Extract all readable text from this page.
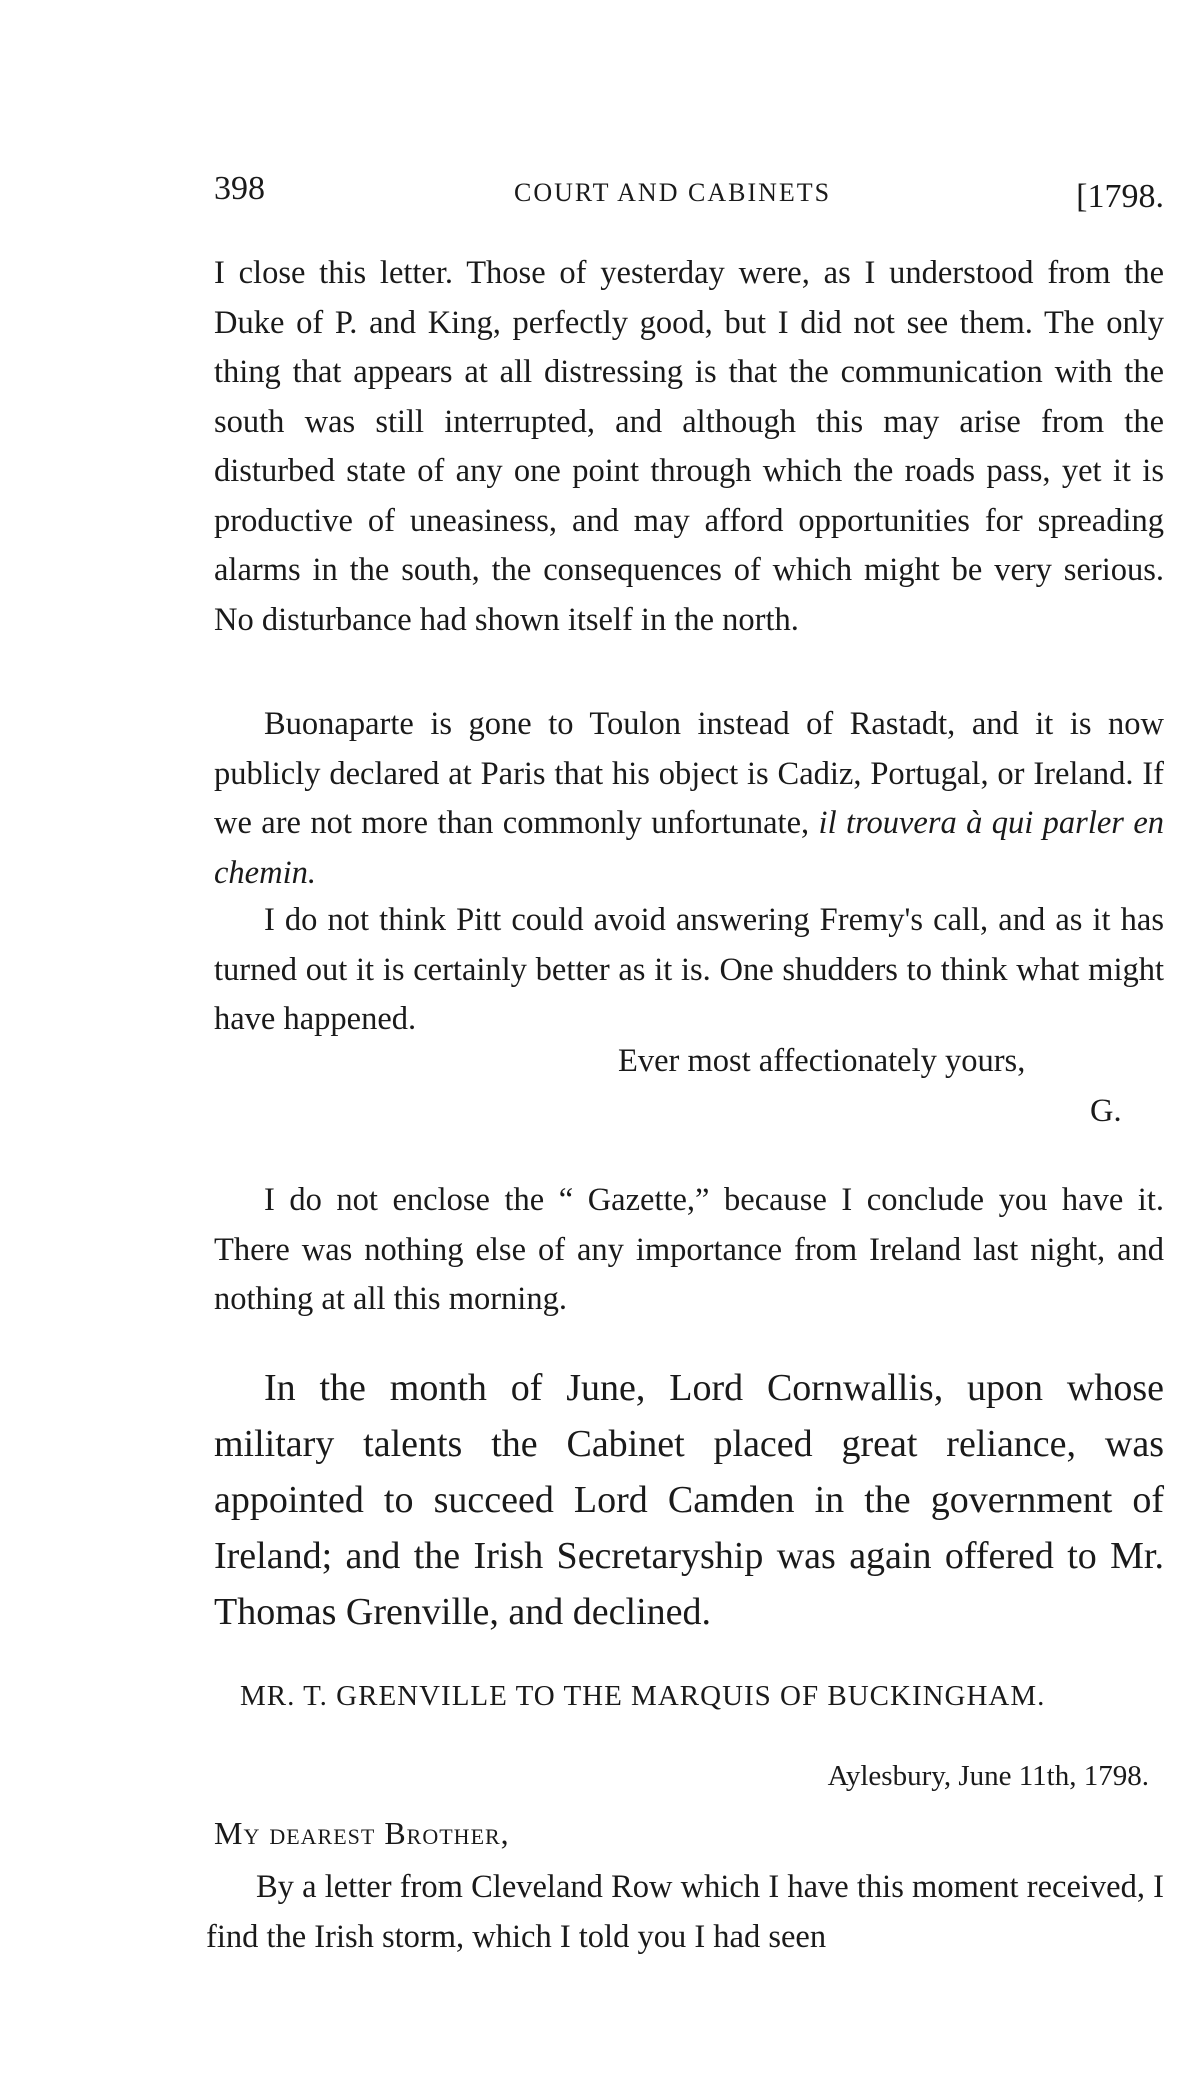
398	COURT AND CABINETS	[1798.

I close this letter. Those of yesterday were, as I understood from the Duke of P. and King, perfectly good, but I did not see them. The only thing that appears at all distressing is that the communication with the south was still interrupted, and although this may arise from the disturbed state of any one point through which the roads pass, yet it is productive of uneasiness, and may afford opportunities for spreading alarms in the south, the consequences of which might be very serious. No disturbance had shown itself in the north.

Buonaparte is gone to Toulon instead of Rastadt, and it is now publicly declared at Paris that his object is Cadiz, Portugal, or Ireland. If we are not more than commonly unfortunate, il trouvera à qui parler en chemin.

I do not think Pitt could avoid answering Fremy's call, and as it has turned out it is certainly better as it is. One shudders to think what might have happened.

Ever most affectionately yours,
G.

I do not enclose the “ Gazette,” because I conclude you have it. There was nothing else of any importance from Ireland last night, and nothing at all this morning.

In the month of June, Lord Cornwallis, upon whose military talents the Cabinet placed great reliance, was appointed to succeed Lord Camden in the government of Ireland; and the Irish Secretaryship was again offered to Mr. Thomas Grenville, and declined.

MR. T. GRENVILLE TO THE MARQUIS OF BUCKINGHAM.
Aylesbury, June 11th, 1798.
My dearest Brother,

By a letter from Cleveland Row which I have this moment received, I find the Irish storm, which I told you I had seen
